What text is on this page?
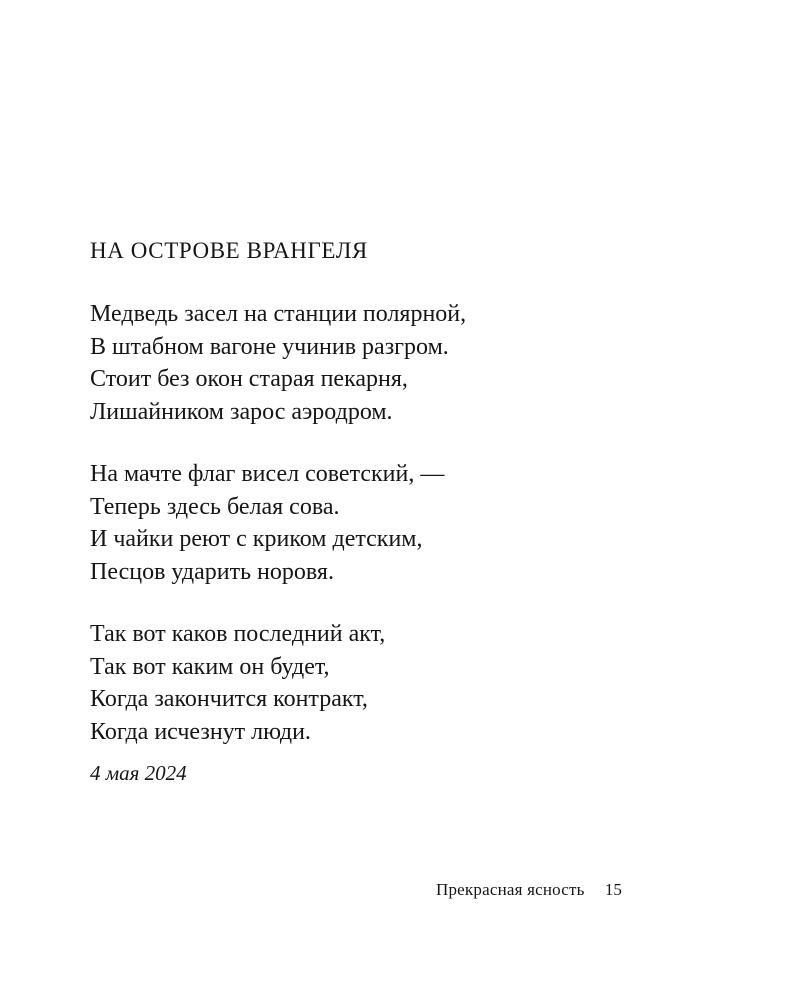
НА ОСТРОВЕ ВРАНГЕЛЯ
Медведь засел на станции полярной,
В штабном вагоне учинив разгром.
Стоит без окон старая пекарня,
Лишайником зарос аэродром.
На мачте флаг висел советский, —
Теперь здесь белая сова.
И чайки реют с криком детским,
Песцов ударить норовя.
Так вот каков последний акт,
Так вот каким он будет,
Когда закончится контракт,
Когда исчезнут люди.
4 мая 2024
Прекрасная ясность 15
